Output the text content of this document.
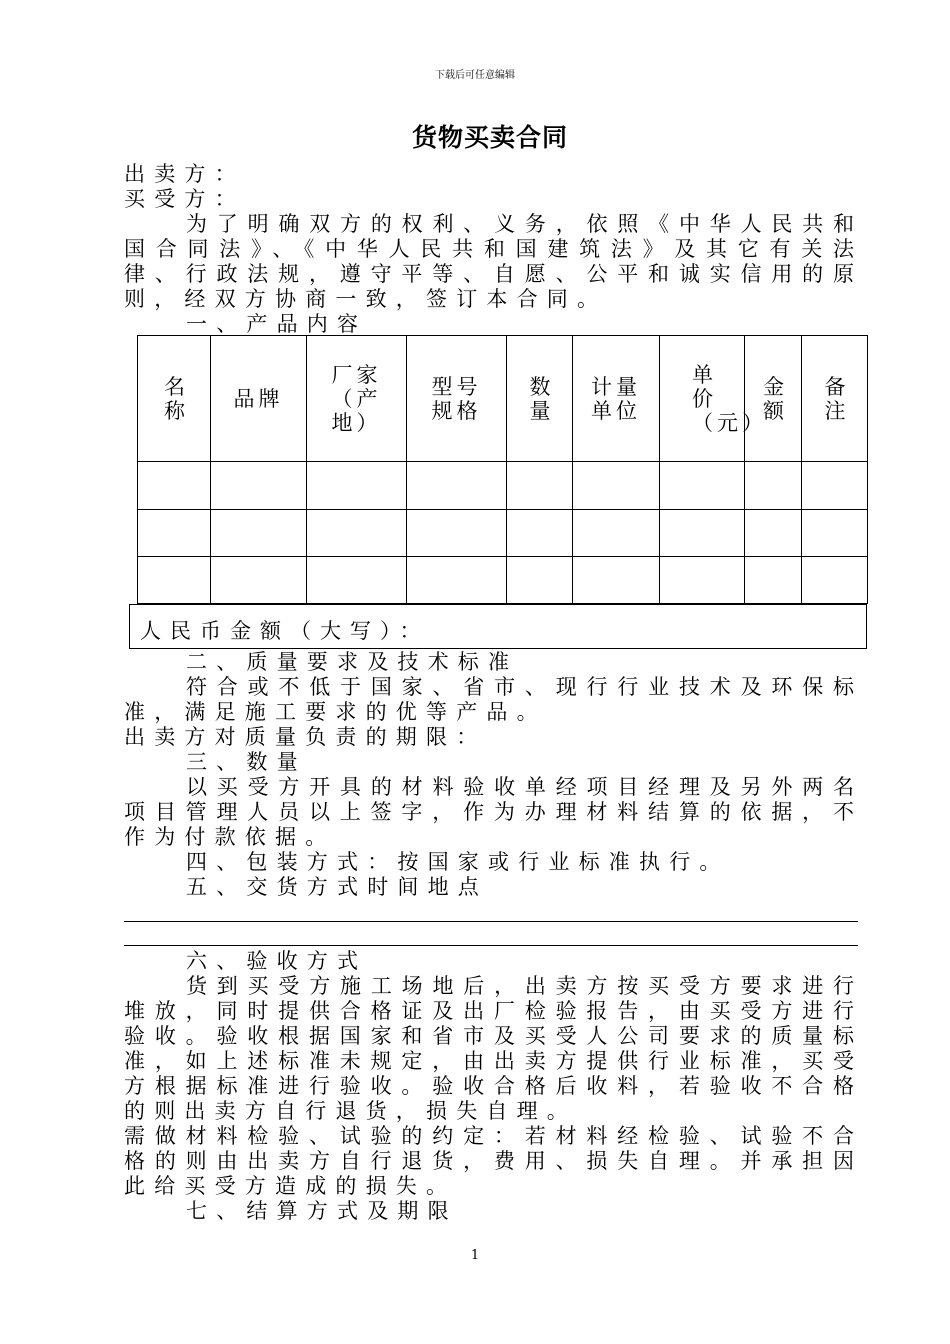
下载后可任意编辑
货物买卖合同
出卖方：
买受方：
为了明确双方的权利、义务，依照《中华人民共和
国合同法》、《中华人民共和国建筑法》及其它有关法
律、行政法规，遵守平等、自愿、公平和诚实信用的原
则，经双方协商一致，签订本合同。
一、产品内容
名称	品牌	厂家（产地）	型号规格	数量	计量单位	单价（元）	金额	备注

人民币金额（大写）：
二、质量要求及技术标准
符合或不低于国家、省市、现行行业技术及环保标
准，满足施工要求的优等产品。
出卖方对质量负责的期限：
三、数量
以买受方开具的材料验收单经项目经理及另外两名
项目管理人员以上签字，作为办理材料结算的依据，不
作为付款依据。
四、包装方式：按国家或行业标准执行。
五、交货方式时间地点
六、验收方式
货到买受方施工场地后，出卖方按买受方要求进行
堆放，同时提供合格证及出厂检验报告，由买受方进行
验收。验收根据国家和省市及买受人公司要求的质量标
准，如上述标准未规定，由出卖方提供行业标准，买受
方根据标准进行验收。验收合格后收料，若验收不合格
的则出卖方自行退货，损失自理。
需做材料检验、试验的约定：若材料经检验、试验不合
格的则由出卖方自行退货，费用、损失自理。并承担因
此给买受方造成的损失。
七、结算方式及期限
1
